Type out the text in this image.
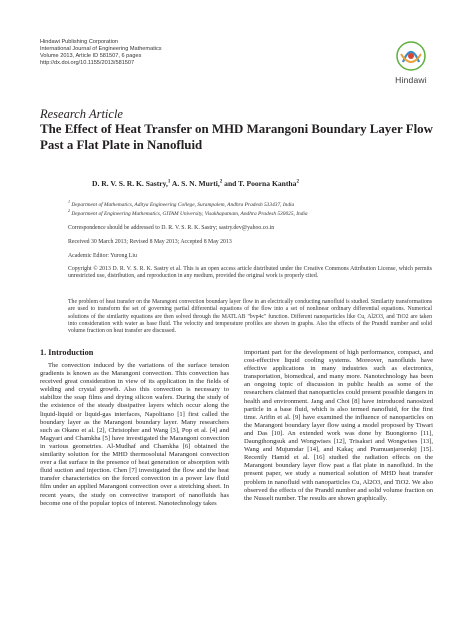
Hindawi Publishing Corporation
International Journal of Engineering Mathematics
Volume 2013, Article ID 581507, 6 pages
http://dx.doi.org/10.1155/2013/581507
Hindawi
Research Article
The Effect of Heat Transfer on MHD Marangoni Boundary Layer Flow Past a Flat Plate in Nanofluid
D. R. V. S. R. K. Sastry,$^1$ A. S. N. Murti,$^2$ and T. Poorna Kantha$^2$
$^1$ Department of Mathematics, Aditya Engineering College, Surampalem, Andhra Pradesh 533437, India
$^2$ Department of Engineering Mathematics, GITAM University, Visakhapatnam, Andhra Pradesh 530025, India
Correspondence should be addressed to D. R. V. S. R. K. Sastry; sastry.dev@yahoo.co.in
Received 30 March 2013; Revised 8 May 2013; Accepted 8 May 2013
Academic Editor: Yurong Liu
Copyright © 2013 D. R. V. S. R. K. Sastry et al. This is an open access article distributed under the Creative Commons Attribution License, which permits unrestricted use, distribution, and reproduction in any medium, provided the original work is properly cited.
The problem of heat transfer on the Marangoni convection boundary layer flow in an electrically conducting nanofluid is studied. Similarity transformations are used to transform the set of governing partial differential equations of the flow into a set of nonlinear ordinary differential equations. Numerical solutions of the similarity equations are then solved through the MATLAB "bvp4c" function. Different nanoparticles like Cu, Al2O3, and TiO2 are taken into consideration with water as base fluid. The velocity and temperature profiles are shown in graphs. Also the effects of the Prandtl number and solid volume fraction on heat transfer are discussed.
1. Introduction
The convection induced by the variations of the surface tension gradients is known as the Marangoni convection. This convection has received great consideration in view of its application in the fields of welding and crystal growth. Also this convection is necessary to stabilize the soap films and drying silicon wafers. During the study of the existence of the steady dissipative layers which occur along the liquid-liquid or liquid-gas interfaces, Napolitano [1] first called the boundary layer as the Marangoni boundary layer. Many researchers such as Okano et al. [2], Christopher and Wang [3], Pop et al. [4] and Magyari and Chamkha [5] have investigated the Marangoni convection in various geometries. Al-Mudhaf and Chamkha [6] obtained the similarity solution for the MHD thermosolutal Marangoni convection over a flat surface in the presence of heat generation or absorption with fluid suction and injection. Chen [7] investigated the flow and the heat transfer characteristics on the forced convection in a power law fluid film under an applied Marangoni convection over a stretching sheet. In recent years, the study on convective transport of nanofluids has become one of the popular topics of interest. Nanotechnology takes
important part for the development of high performance, compact, and cost-effective liquid cooling systems. Moreover, nanofluids have effective applications in many industries such as electronics, transportation, biomedical, and many more. Nanotechnology has been an ongoing topic of discussion in public health as some of the researchers claimed that nanoparticles could present possible dangers in health and environment. Jang and Choi [8] have introduced nanosized particle in a base fluid, which is also termed nanofluid, for the first time. Arifin et al. [9] have examined the influence of nanoparticles on the Marangoni boundary layer flow using a model proposed by Tiwari and Das [10]. An extended work was done by Buongiorno [11], Daungthongsuk and Wongwises [12], Trisaksri and Wongwises [13], Wang and Mujumdar [14], and Kakaç and Pramuanjaroenkij [15]. Recently Hamid et al. [16] studied the radiation effects on the Marangoni boundary layer flow past a flat plate in nanofluid. In the present paper, we study a numerical solution of MHD heat transfer problem in nanofluid with nanoparticles Cu, Al2O3, and TiO2. We also observed the effects of the Prandtl number and solid volume fraction on the Nusselt number. The results are shown graphically.
